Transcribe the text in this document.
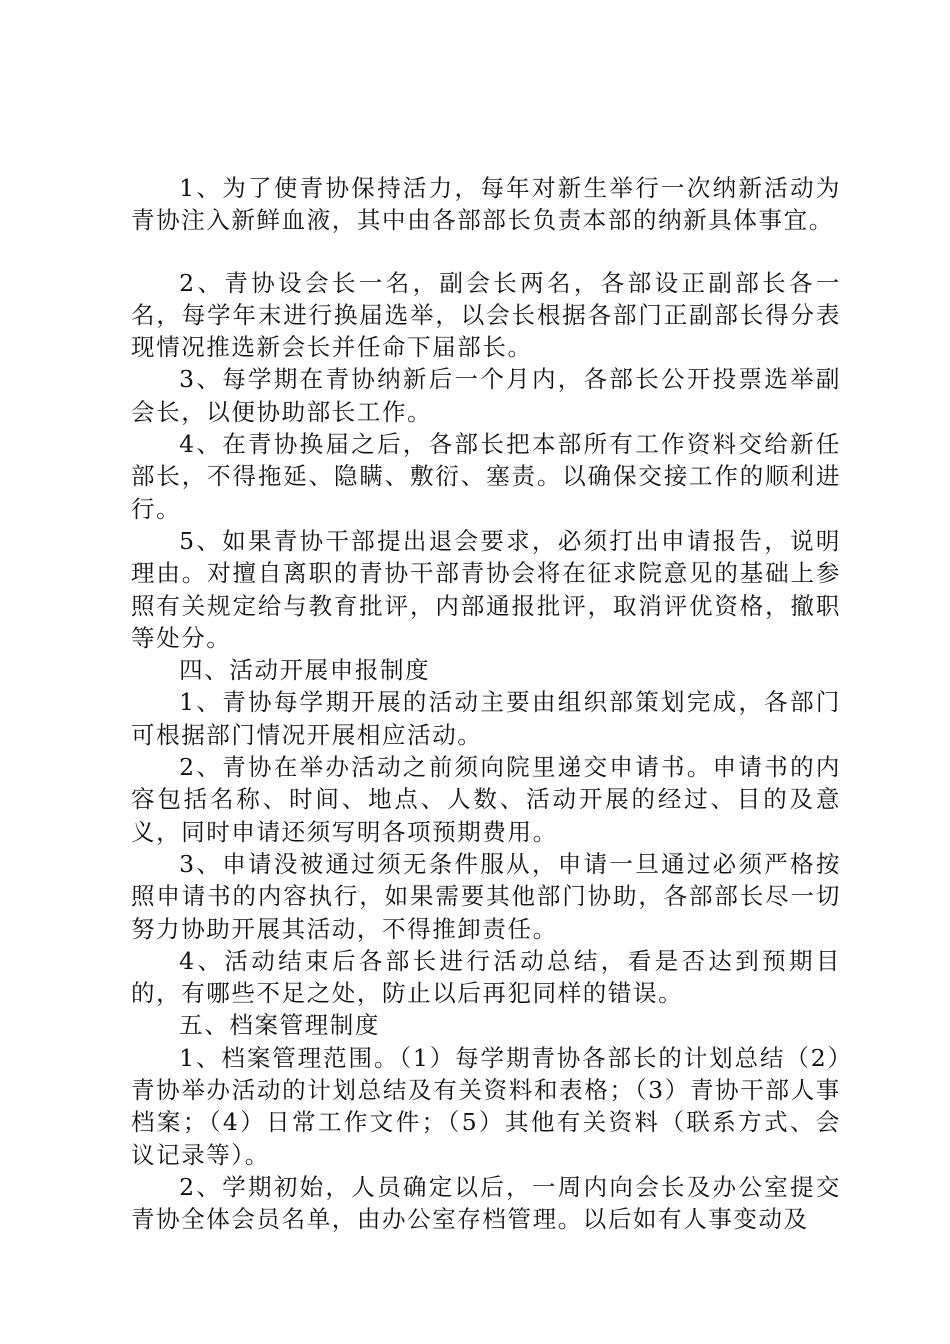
1、为了使青协保持活力，每年对新生举行一次纳新活动为青协注入新鲜血液，其中由各部部长负责本部的纳新具体事宜。

2、青协设会长一名，副会长两名，各部设正副部长各一名，每学年末进行换届选举，以会长根据各部门正副部长得分表现情况推选新会长并任命下届部长。

3、每学期在青协纳新后一个月内，各部长公开投票选举副会长，以便协助部长工作。

4、在青协换届之后，各部长把本部所有工作资料交给新任部长，不得拖延、隐瞒、敷衍、塞责。以确保交接工作的顺利进行。

5、如果青协干部提出退会要求，必须打出申请报告，说明理由。对擅自离职的青协干部青协会将在征求院意见的基础上参照有关规定给与教育批评，内部通报批评，取消评优资格，撤职等处分。

四、活动开展申报制度

1、青协每学期开展的活动主要由组织部策划完成，各部门可根据部门情况开展相应活动。

2、青协在举办活动之前须向院里递交申请书。申请书的内容包括名称、时间、地点、人数、活动开展的经过、目的及意义，同时申请还须写明各项预期费用。

3、申请没被通过须无条件服从，申请一旦通过必须严格按照申请书的内容执行，如果需要其他部门协助，各部部长尽一切努力协助开展其活动，不得推卸责任。

4、活动结束后各部长进行活动总结，看是否达到预期目的，有哪些不足之处，防止以后再犯同样的错误。

五、档案管理制度

1、档案管理范围。（1）每学期青协各部长的计划总结（2）青协举办活动的计划总结及有关资料和表格；（3）青协干部人事档案；（4）日常工作文件；（5）其他有关资料（联系方式、会议记录等）。

2、学期初始，人员确定以后，一周内向会长及办公室提交青协全体会员名单，由办公室存档管理。以后如有人事变动及
